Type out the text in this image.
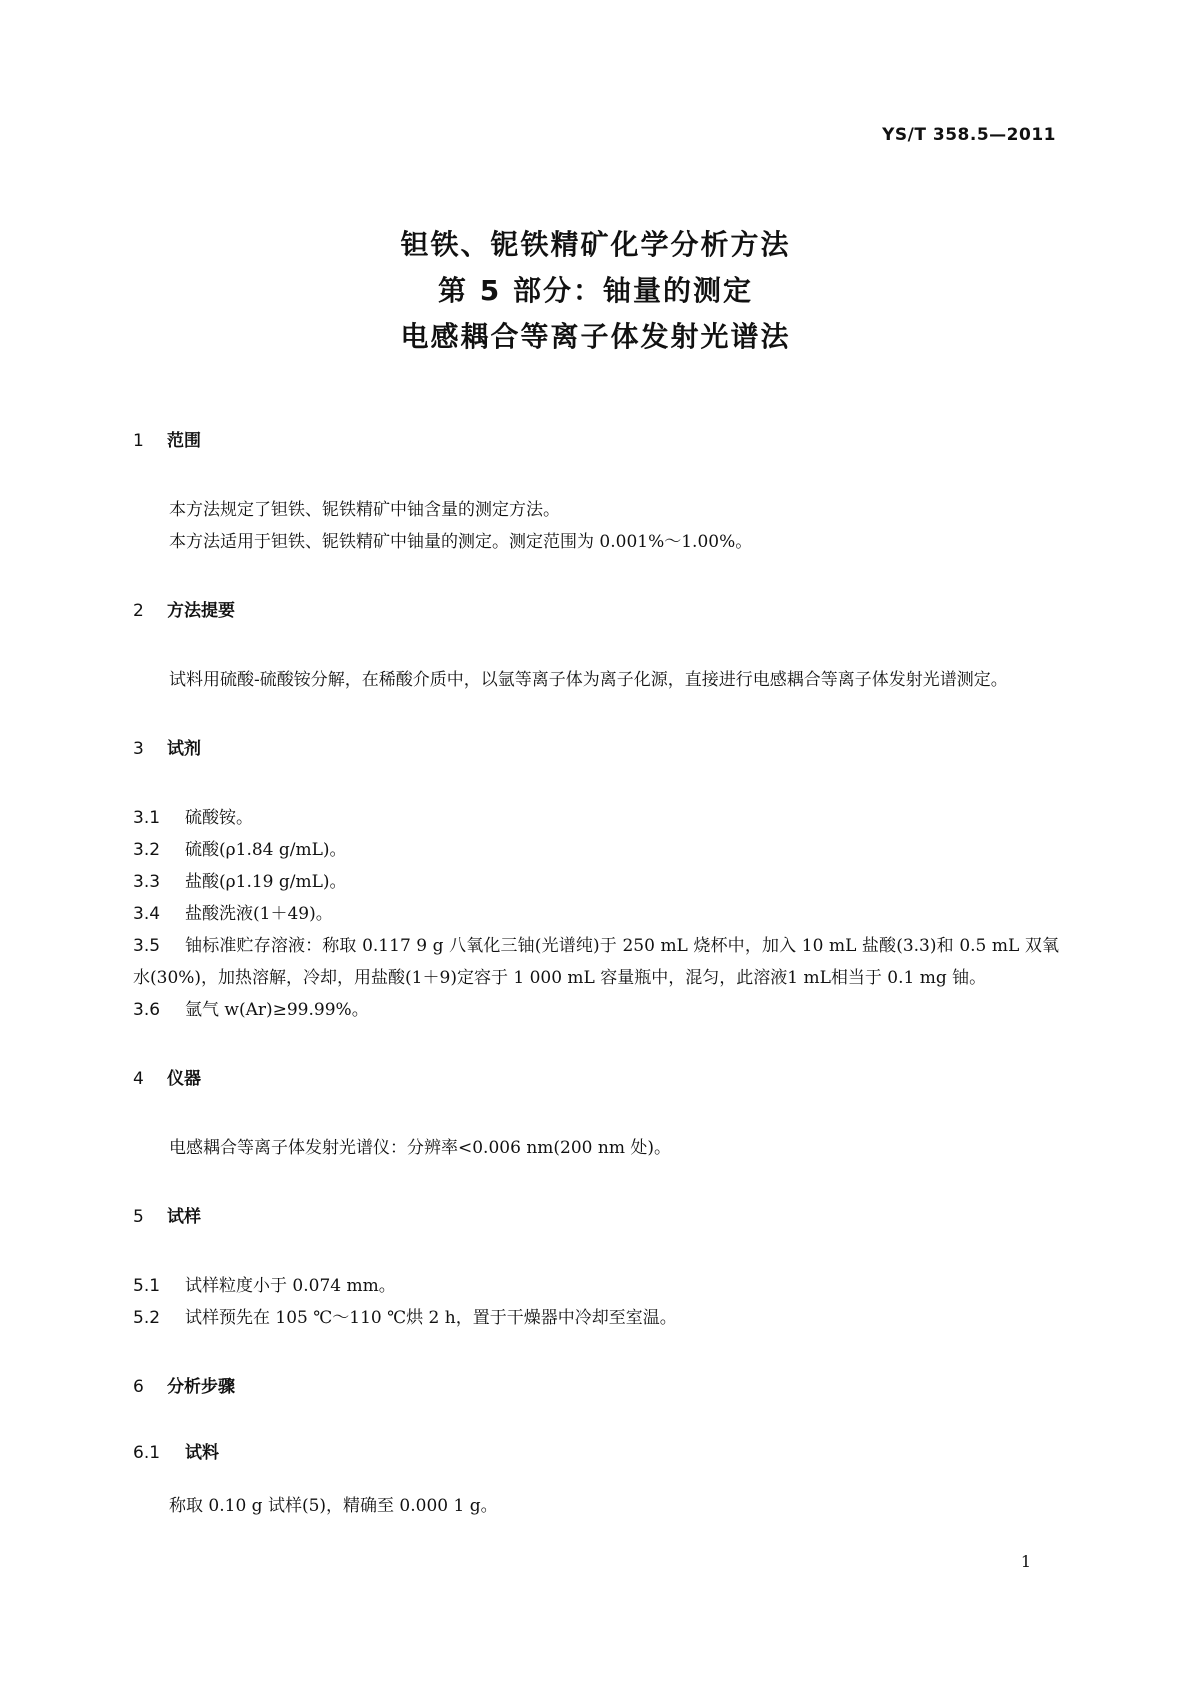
YS/T 358.5—2011

钽铁、铌铁精矿化学分析方法

第 5 部分：铀量的测定

电感耦合等离子体发射光谱法

1 范围

本方法规定了钽铁、铌铁精矿中铀含量的测定方法。

本方法适用于钽铁、铌铁精矿中铀量的测定。测定范围为 0.001%～1.00%。

2 方法提要

试料用硫酸-硫酸铵分解，在稀酸介质中，以氩等离子体为离子化源，直接进行电感耦合等离子体发射光谱测定。

3 试剂

3.1 硫酸铵。

3.2 硫酸(ρ1.84 g/mL)。

3.3 盐酸(ρ1.19 g/mL)。

3.4 盐酸洗液(1＋49)。

3.5 铀标准贮存溶液：称取 0.117 9 g 八氧化三铀(光谱纯)于 250 mL 烧杯中，加入 10 mL 盐酸(3.3)和 0.5 mL 双氧水(30%)，加热溶解，冷却，用盐酸(1＋9)定容于 1 000 mL 容量瓶中，混匀，此溶液1 mL相当于 0.1 mg 铀。

3.6 氩气 w(Ar)≥99.99%。

4 仪器

电感耦合等离子体发射光谱仪：分辨率<0.006 nm(200 nm 处)。

5 试样

5.1 试样粒度小于 0.074 mm。

5.2 试样预先在 105 ℃～110 ℃烘 2 h，置于干燥器中冷却至室温。

6 分析步骤

6.1 试料

称取 0.10 g 试样(5)，精确至 0.000 1 g。

1
